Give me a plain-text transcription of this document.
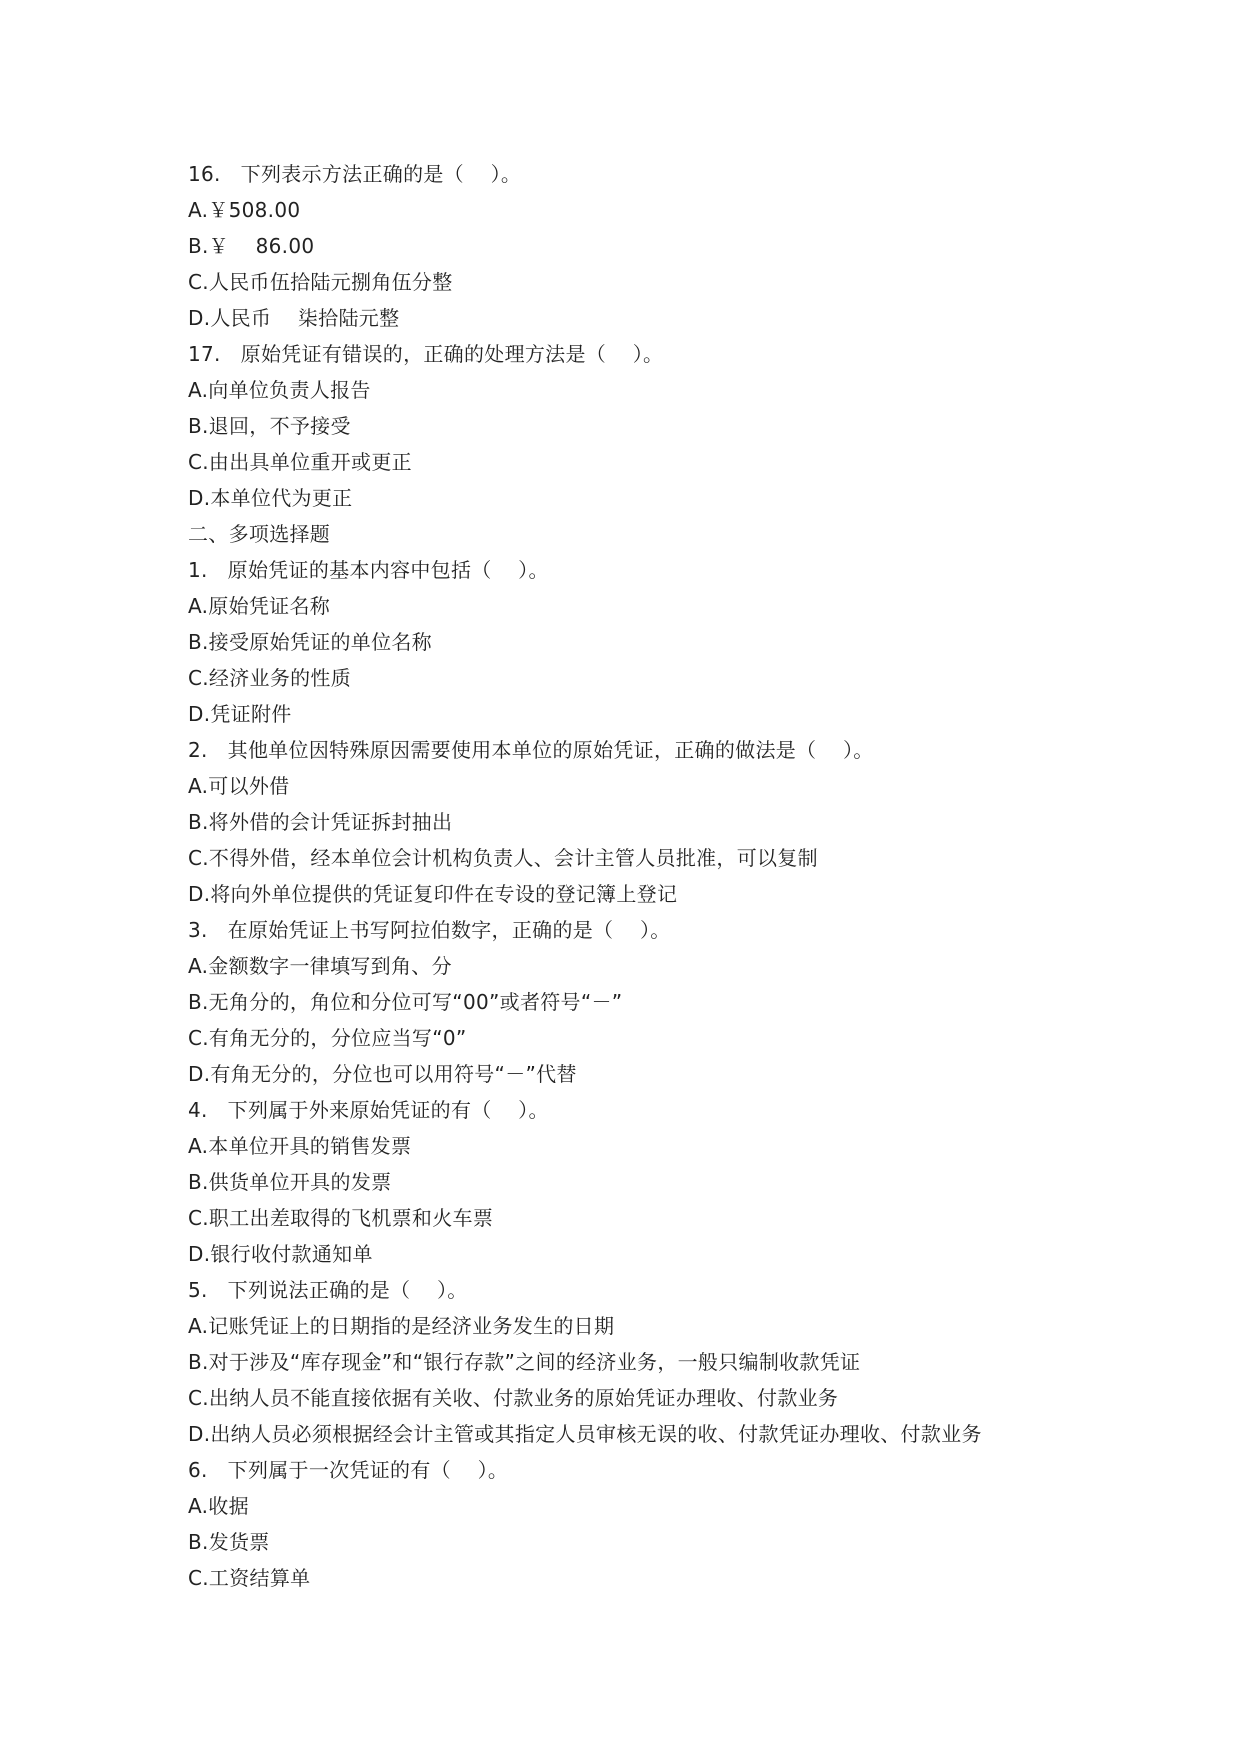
16.   下列表示方法正确的是（    ）。
A.￥508.00
B.￥    86.00
C.人民币伍拾陆元捌角伍分整
D.人民币    柒拾陆元整
17.   原始凭证有错误的，正确的处理方法是（    ）。
A.向单位负责人报告
B.退回，不予接受
C.由出具单位重开或更正
D.本单位代为更正
二、多项选择题
1.   原始凭证的基本内容中包括（    ）。
A.原始凭证名称
B.接受原始凭证的单位名称
C.经济业务的性质
D.凭证附件
2.   其他单位因特殊原因需要使用本单位的原始凭证，正确的做法是（    ）。
A.可以外借
B.将外借的会计凭证拆封抽出
C.不得外借，经本单位会计机构负责人、会计主管人员批准，可以复制
D.将向外单位提供的凭证复印件在专设的登记簿上登记
3.   在原始凭证上书写阿拉伯数字，正确的是（    ）。
A.金额数字一律填写到角、分
B.无角分的，角位和分位可写“00”或者符号“－”
C.有角无分的，分位应当写“0”
D.有角无分的，分位也可以用符号“－”代替
4.   下列属于外来原始凭证的有（    ）。
A.本单位开具的销售发票
B.供货单位开具的发票
C.职工出差取得的飞机票和火车票
D.银行收付款通知单
5.   下列说法正确的是（    ）。
A.记账凭证上的日期指的是经济业务发生的日期
B.对于涉及“库存现金”和“银行存款”之间的经济业务，一般只编制收款凭证
C.出纳人员不能直接依据有关收、付款业务的原始凭证办理收、付款业务
D.出纳人员必须根据经会计主管或其指定人员审核无误的收、付款凭证办理收、付款业务
6.   下列属于一次凭证的有（    ）。
A.收据
B.发货票
C.工资结算单
